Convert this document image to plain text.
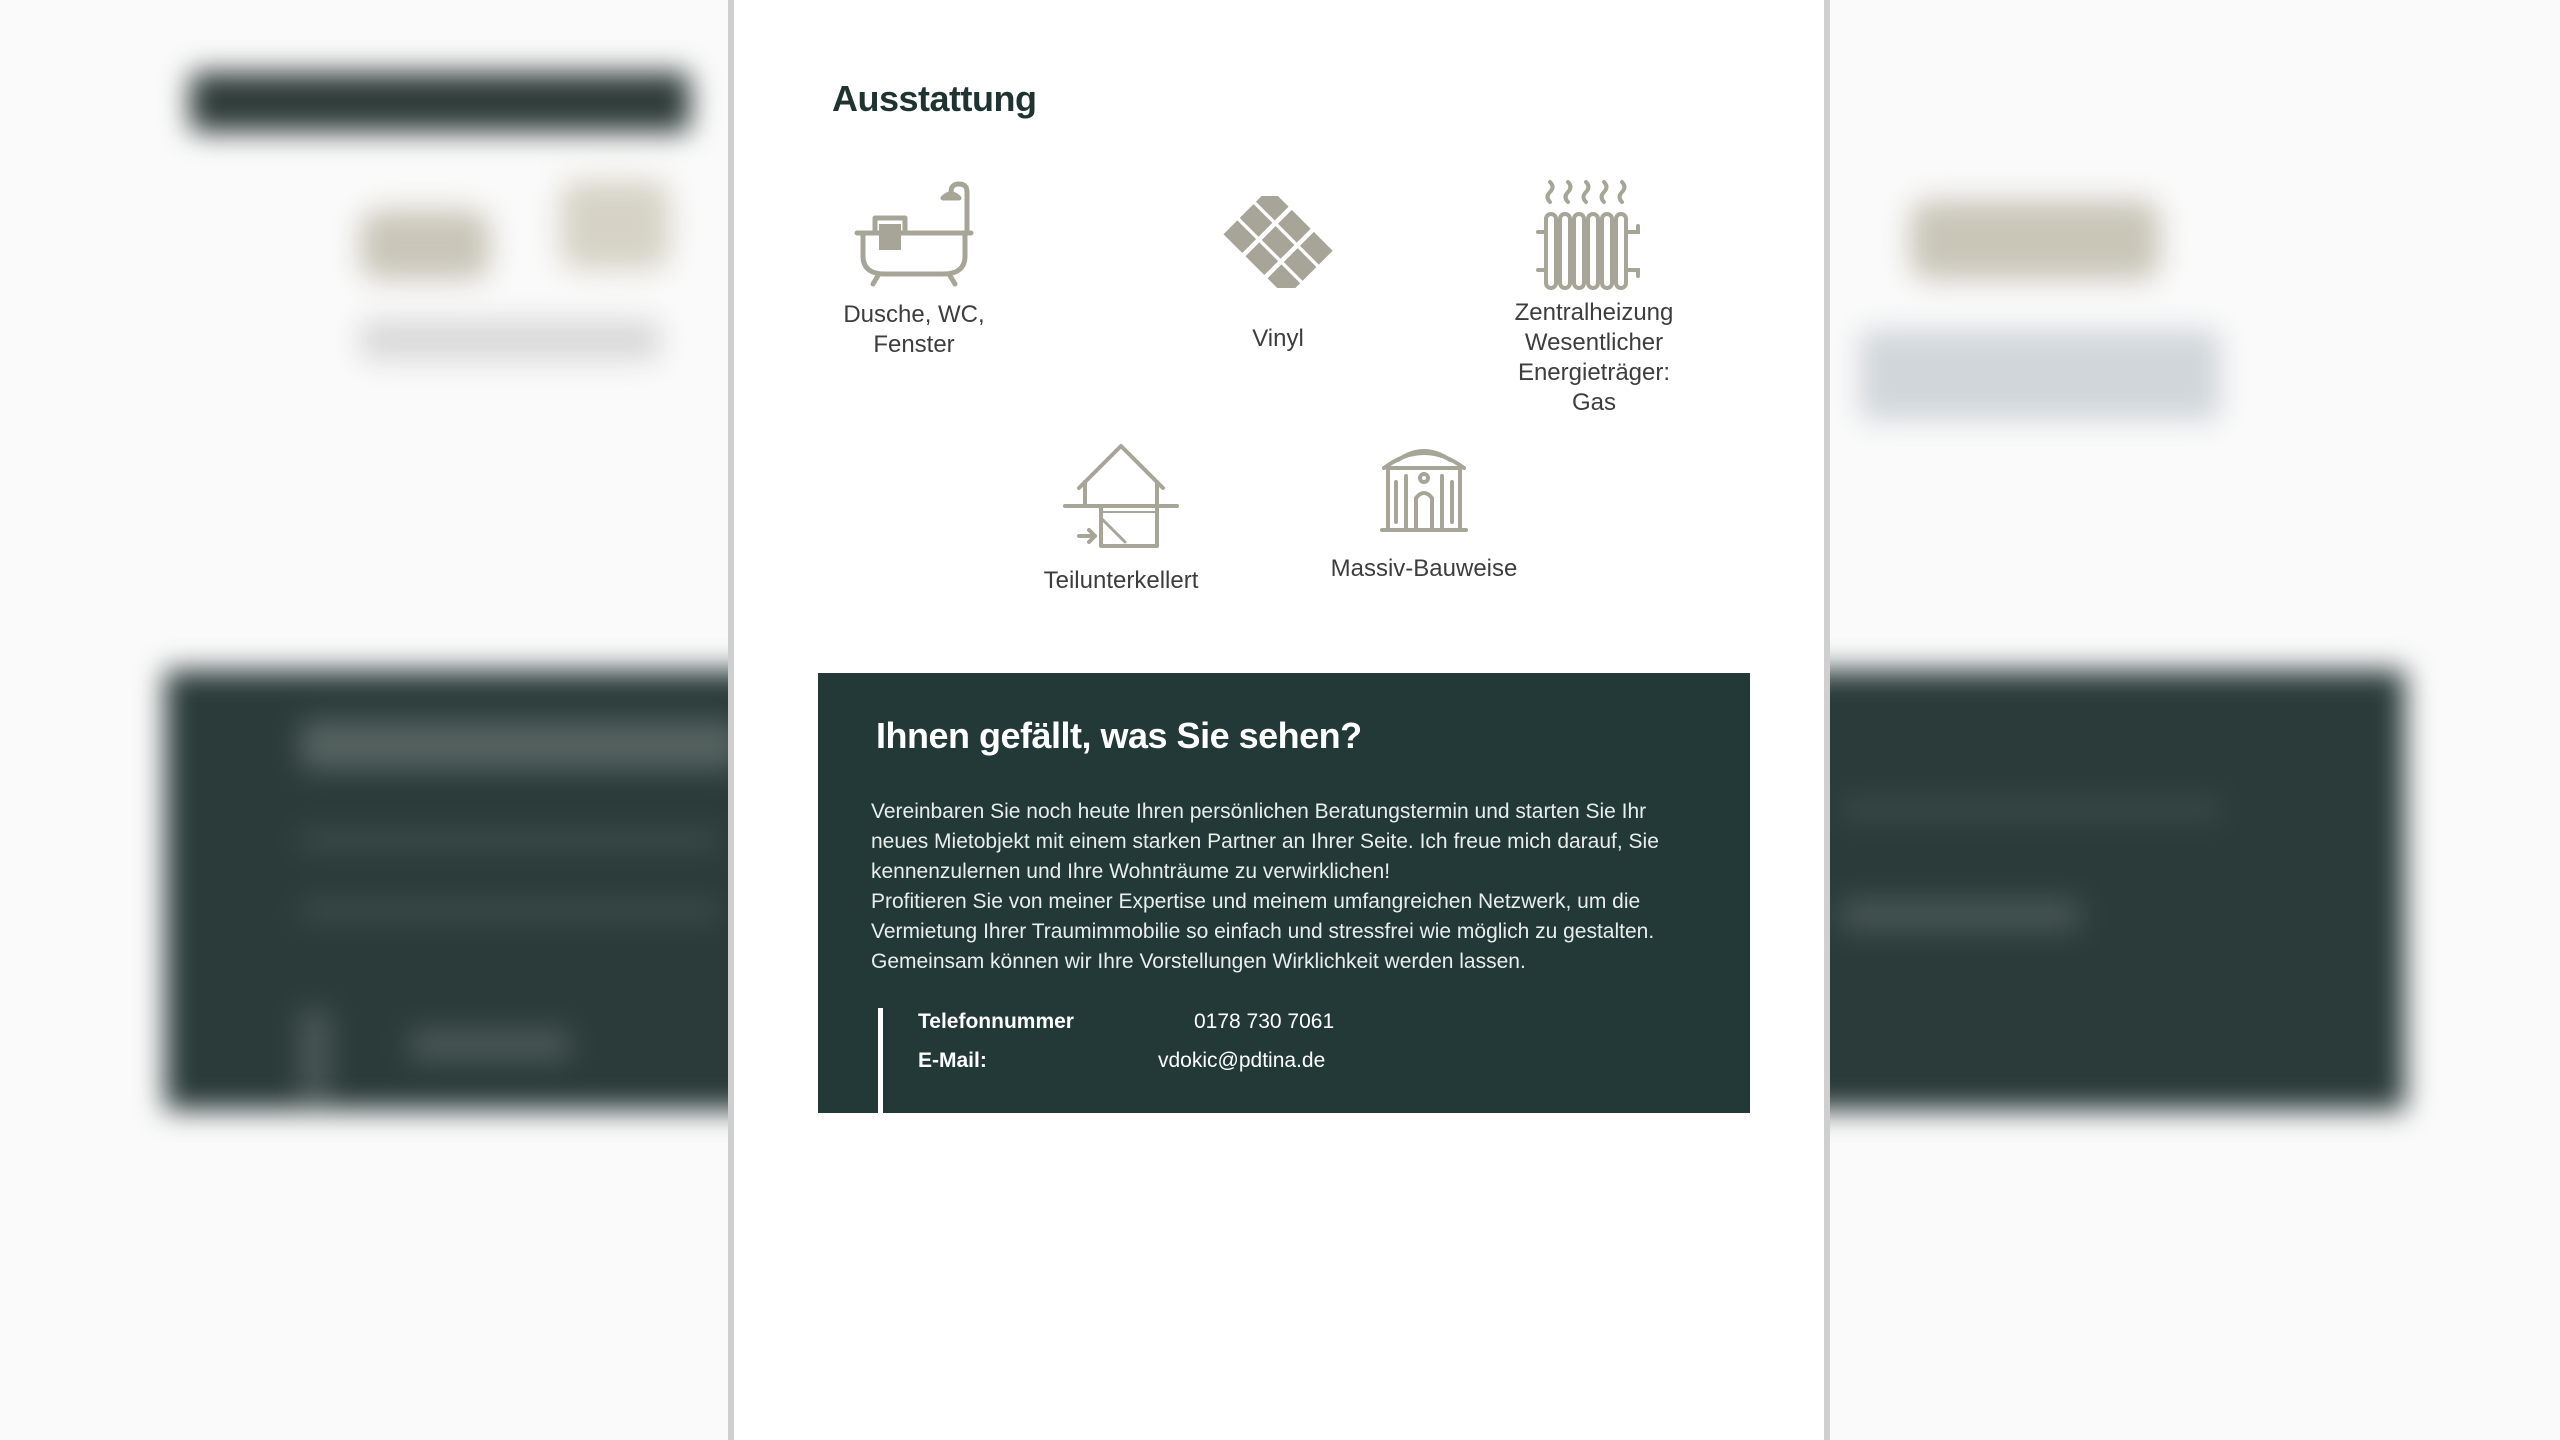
Ausstattung
Dusche, WC,
Fenster	Vinyl
Zentralheizung
Wesentlicher
Energieträger:
Gas
Teilunterkellert	Massiv-Bauweise
Ihnen gefällt, was Sie sehen?

Vereinbaren Sie noch heute Ihren persönlichen Beratungstermin und starten Sie Ihr neues Mietobjekt mit einem starken Partner an Ihrer Seite. Ich freue mich darauf, Sie kennenzulernen und Ihre Wohnträume zu verwirklichen!
Profitieren Sie von meiner Expertise und meinem umfangreichen Netzwerk, um die Vermietung Ihrer Traumimmobilie so einfach und stressfrei wie möglich zu gestalten. Gemeinsam können wir Ihre Vorstellungen Wirklichkeit werden lassen.

Telefonnummer	0178 730 7061
E-Mail:	vdokic@pdtina.de
